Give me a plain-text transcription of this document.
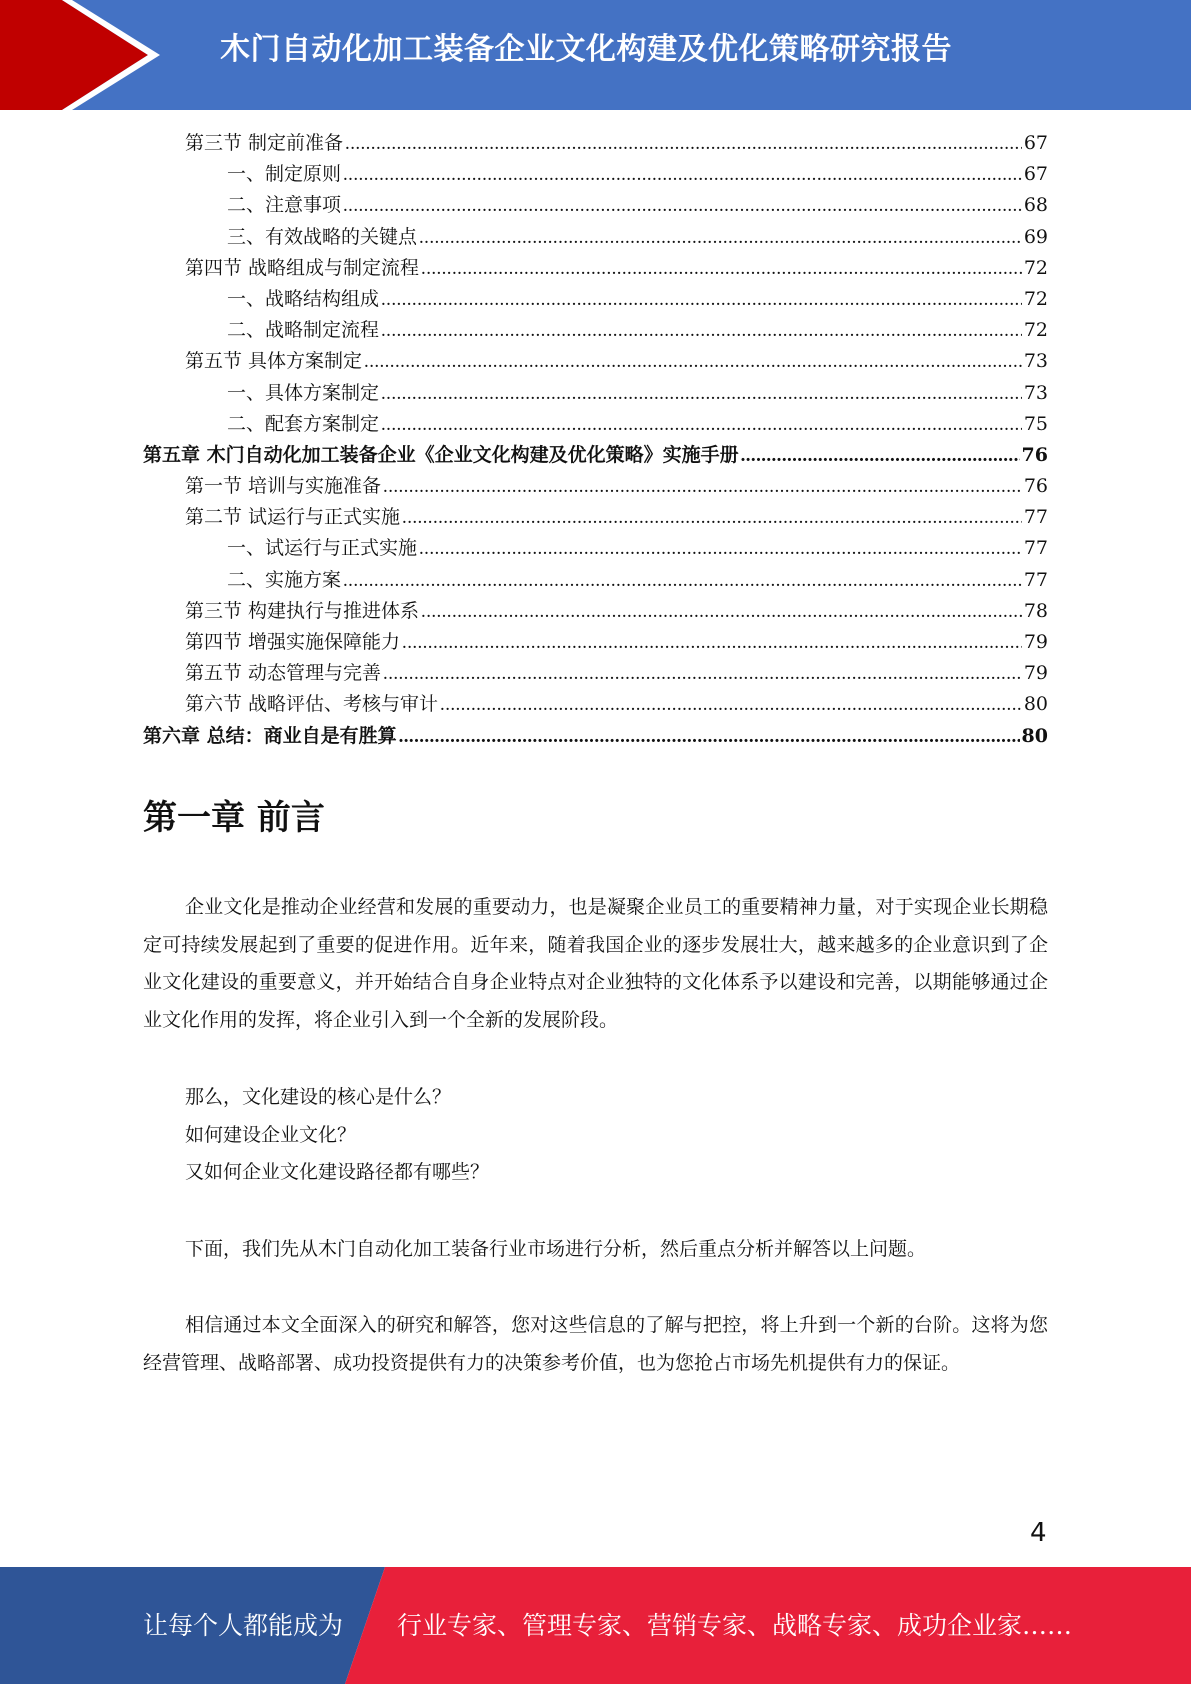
木门自动化加工装备企业文化构建及优化策略研究报告
第三节 制定前准备 .....	67
一、制定原则 .....	67
二、注意事项 .....	68
三、有效战略的关键点 .....	69
第四节 战略组成与制定流程 .....	72
一、战略结构组成 .....	72
二、战略制定流程 .....	72
第五节 具体方案制定 .....	73
一、具体方案制定 .....	73
二、配套方案制定 .....	75
第五章 木门自动化加工装备企业《企业文化构建及优化策略》实施手册 .....	76
第一节 培训与实施准备 .....	76
第二节 试运行与正式实施 .....	77
一、试运行与正式实施 .....	77
二、实施方案 .....	77
第三节 构建执行与推进体系 .....	78
第四节 增强实施保障能力 .....	79
第五节 动态管理与完善 .....	79
第六节 战略评估、考核与审计 .....	80
第六章 总结：商业自是有胜算 .....	80
第一章 前言

企业文化是推动企业经营和发展的重要动力，也是凝聚企业员工的重要精神力量，对于实现企业长期稳定可持续发展起到了重要的促进作用。近年来，随着我国企业的逐步发展壮大，越来越多的企业意识到了企业文化建设的重要意义，并开始结合自身企业特点对企业独特的文化体系予以建设和完善，以期能够通过企业文化作用的发挥，将企业引入到一个全新的发展阶段。

那么，文化建设的核心是什么？

如何建设企业文化？

又如何企业文化建设路径都有哪些？

下面，我们先从木门自动化加工装备行业市场进行分析，然后重点分析并解答以上问题。

相信通过本文全面深入的研究和解答，您对这些信息的了解与把控，将上升到一个新的台阶。这将为您经营管理、战略部署、成功投资提供有力的决策参考价值，也为您抢占市场先机提供有力的保证。

4
让每个人都能成为 行业专家、管理专家、营销专家、战略专家、成功企业家……
